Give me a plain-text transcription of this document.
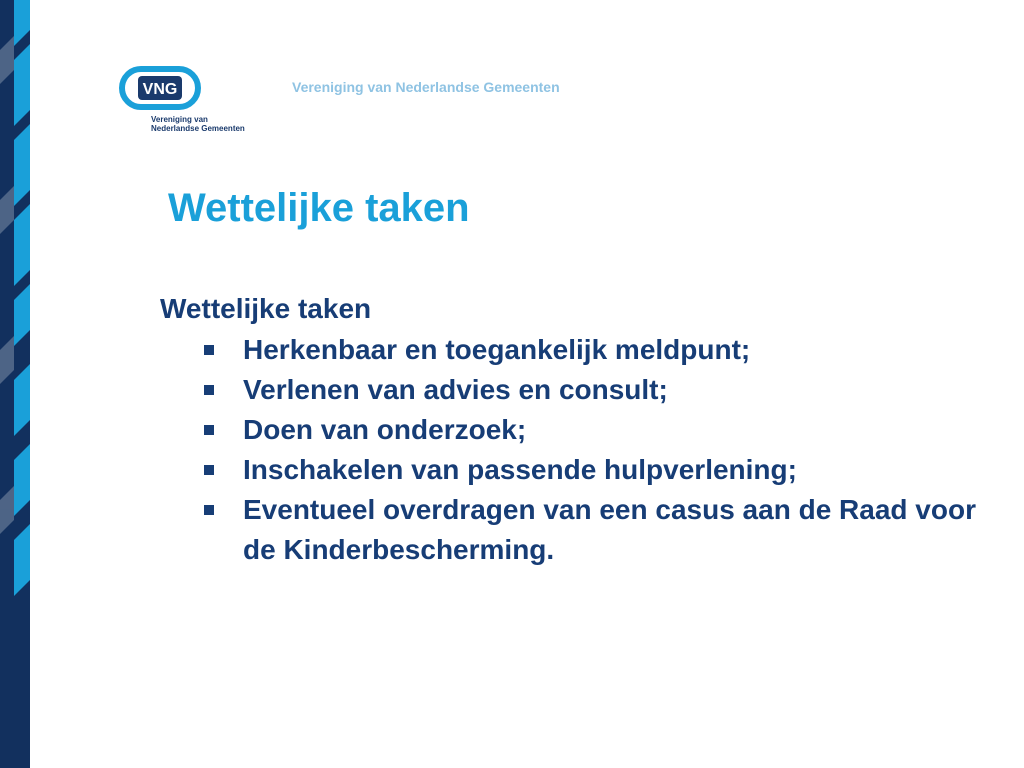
VNG
Vereniging van
Nederlandse Gemeenten
Vereniging van Nederlandse Gemeenten
Wettelijke taken

Wettelijke taken

Herkenbaar en toegankelijk meldpunt;
Verlenen van advies en consult;
Doen van onderzoek;
Inschakelen van passende hulpverlening;
Eventueel overdragen van een casus aan de Raad voor de Kinderbescherming.
